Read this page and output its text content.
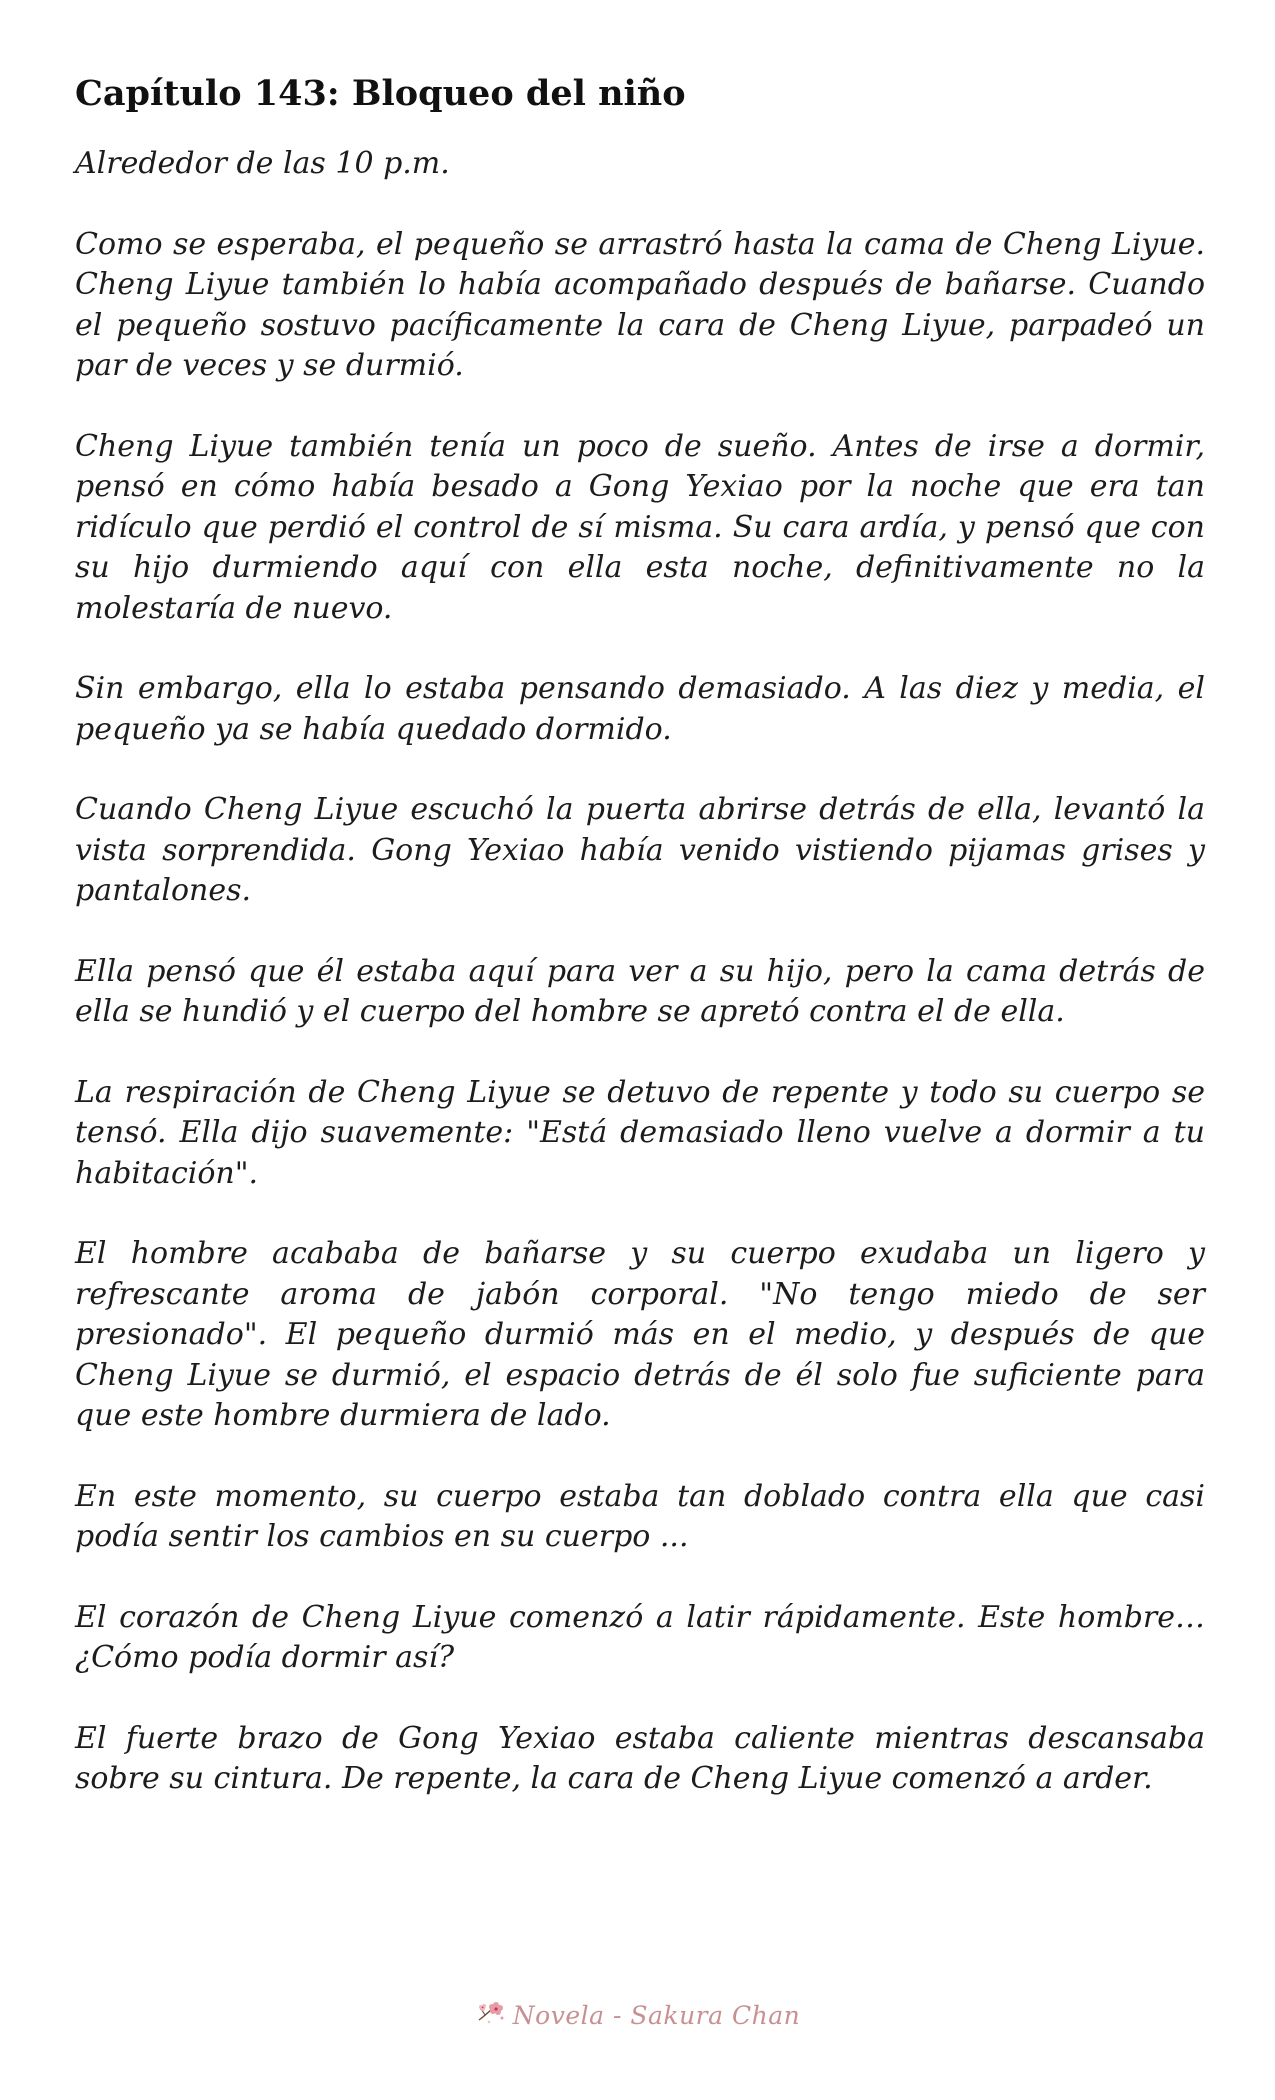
Capítulo 143: Bloqueo del niño

Alrededor de las 10 p.m.

Como se esperaba, el pequeño se arrastró hasta la cama de Cheng Liyue. Cheng Liyue también lo había acompañado después de bañarse. Cuando el pequeño sostuvo pacíficamente la cara de Cheng Liyue, parpadeó un par de veces y se durmió.

Cheng Liyue también tenía un poco de sueño. Antes de irse a dormir, pensó en cómo había besado a Gong Yexiao por la noche que era tan ridículo que perdió el control de sí misma. Su cara ardía, y pensó que con su hijo durmiendo aquí con ella esta noche, definitivamente no la molestaría de nuevo.

Sin embargo, ella lo estaba pensando demasiado. A las diez y media, el pequeño ya se había quedado dormido.

Cuando Cheng Liyue escuchó la puerta abrirse detrás de ella, levantó la vista sorprendida. Gong Yexiao había venido vistiendo pijamas grises y pantalones.

Ella pensó que él estaba aquí para ver a su hijo, pero la cama detrás de ella se hundió y el cuerpo del hombre se apretó contra el de ella.

La respiración de Cheng Liyue se detuvo de repente y todo su cuerpo se tensó. Ella dijo suavemente: "Está demasiado lleno vuelve a dormir a tu habitación".

El hombre acababa de bañarse y su cuerpo exudaba un ligero y refrescante aroma de jabón corporal. "No tengo miedo de ser presionado". El pequeño durmió más en el medio, y después de que Cheng Liyue se durmió, el espacio detrás de él solo fue suficiente para que este hombre durmiera de lado.

En este momento, su cuerpo estaba tan doblado contra ella que casi podía sentir los cambios en su cuerpo ...

El corazón de Cheng Liyue comenzó a latir rápidamente. Este hombre… ¿Cómo podía dormir así?

El fuerte brazo de Gong Yexiao estaba caliente mientras descansaba sobre su cintura. De repente, la cara de Cheng Liyue comenzó a arder.

Novela - Sakura Chan
